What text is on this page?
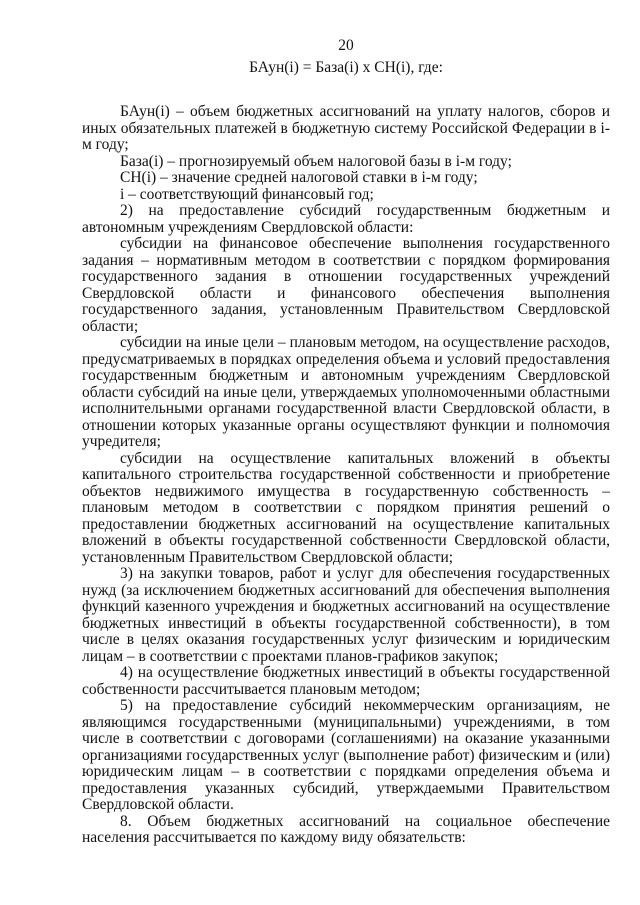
20
БАун(i) = База(i) x СН(i), где:

БАун(i) – объем бюджетных ассигнований на уплату налогов, сборов и иных обязательных платежей в бюджетную систему Российской Федерации в i-м году;

База(i) – прогнозируемый объем налоговой базы в i-м году;

СН(i) – значение средней налоговой ставки в i-м году;

i – соответствующий финансовый год;

2) на предоставление субсидий государственным бюджетным и автономным учреждениям Свердловской области:

субсидии на финансовое обеспечение выполнения государственного задания – нормативным методом в соответствии с порядком формирования государственного задания в отношении государственных учреждений Свердловской области и финансового обеспечения выполнения государственного задания, установленным Правительством Свердловской области;

субсидии на иные цели – плановым методом, на осуществление расходов, предусматриваемых в порядках определения объема и условий предоставления государственным бюджетным и автономным учреждениям Свердловской области субсидий на иные цели, утверждаемых уполномоченными областными исполнительными органами государственной власти Свердловской области, в отношении которых указанные органы осуществляют функции и полномочия учредителя;

субсидии на осуществление капитальных вложений в объекты капитального строительства государственной собственности и приобретение объектов недвижимого имущества в государственную собственность – плановым методом в соответствии с порядком принятия решений о предоставлении бюджетных ассигнований на осуществление капитальных вложений в объекты государственной собственности Свердловской области, установленным Правительством Свердловской области;

3) на закупки товаров, работ и услуг для обеспечения государственных нужд (за исключением бюджетных ассигнований для обеспечения выполнения функций казенного учреждения и бюджетных ассигнований на осуществление бюджетных инвестиций в объекты государственной собственности), в том числе в целях оказания государственных услуг физическим и юридическим лицам – в соответствии с проектами планов-графиков закупок;

4) на осуществление бюджетных инвестиций в объекты государственной собственности рассчитывается плановым методом;

5) на предоставление субсидий некоммерческим организациям, не являющимся государственными (муниципальными) учреждениями, в том числе в соответствии с договорами (соглашениями) на оказание указанными организациями государственных услуг (выполнение работ) физическим и (или) юридическим лицам – в соответствии с порядками определения объема и предоставления указанных субсидий, утверждаемыми Правительством Свердловской области.

8. Объем бюджетных ассигнований на социальное обеспечение населения рассчитывается по каждому виду обязательств:
